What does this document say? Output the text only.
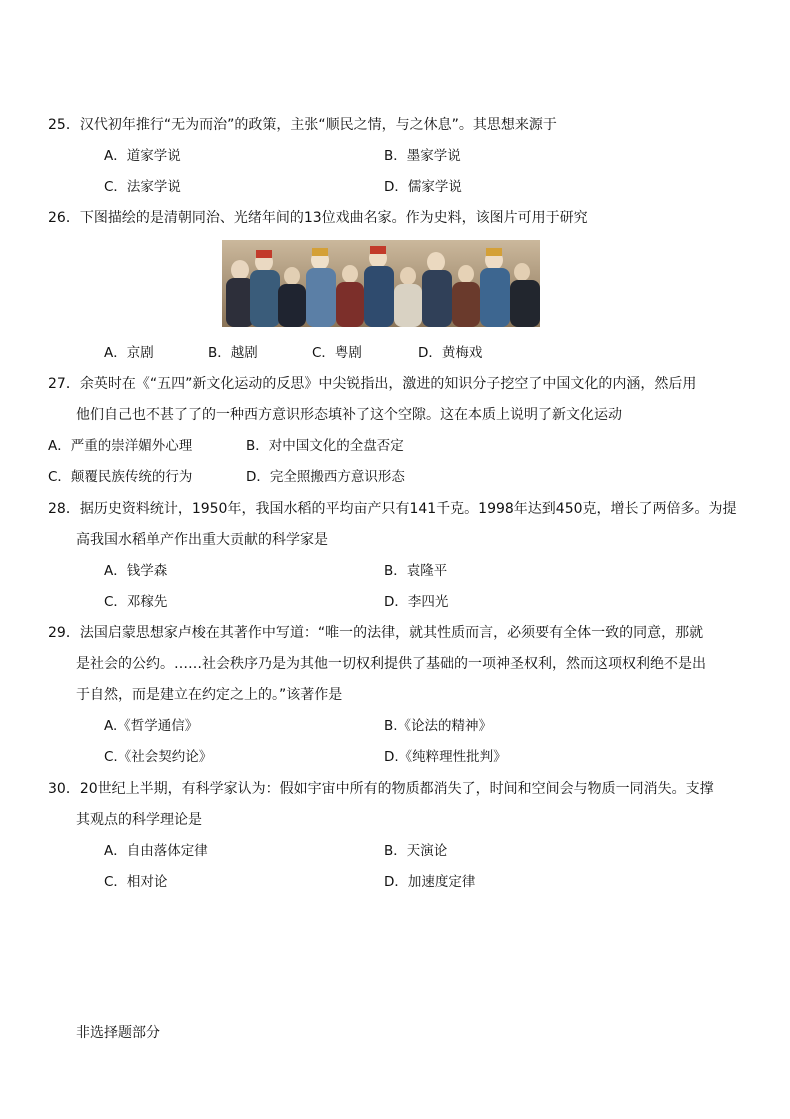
25．汉代初年推行“无为而治”的政策，主张“顺民之情，与之休息”。其思想来源于
A．道家学说	B．墨家学说
C．法家学说	D．儒家学说
26．下图描绘的是清朝同治、光绪年间的13位戏曲名家。作为史料，该图片可用于研究
A．京剧	B．越剧	C．粤剧	D．黄梅戏
27．余英时在《“五四”新文化运动的反思》中尖锐指出，激进的知识分子挖空了中国文化的内涵，然后用
他们自己也不甚了了的一种西方意识形态填补了这个空隙。这在本质上说明了新文化运动
A．严重的崇洋媚外心理	B．对中国文化的全盘否定
C．颠覆民族传统的行为	D．完全照搬西方意识形态
28．据历史资料统计，1950年，我国水稻的平均亩产只有141千克。1998年达到450克，增长了两倍多。为提
高我国水稻单产作出重大贡献的科学家是
A．钱学森	B．袁隆平
C．邓稼先	D．李四光
29．法国启蒙思想家卢梭在其著作中写道：“唯一的法律，就其性质而言，必须要有全体一致的同意，那就
是社会的公约。……社会秩序乃是为其他一切权利提供了基础的一项神圣权利，然而这项权利绝不是出
于自然，而是建立在约定之上的。”该著作是
A.《哲学通信》	B.《论法的精神》
C.《社会契约论》	D.《纯粹理性批判》
30．20世纪上半期，有科学家认为：假如宇宙中所有的物质都消失了，时间和空间会与物质一同消失。支撑
其观点的科学理论是
A．自由落体定律	B．天演论
C．相对论	D．加速度定律
非选择题部分
